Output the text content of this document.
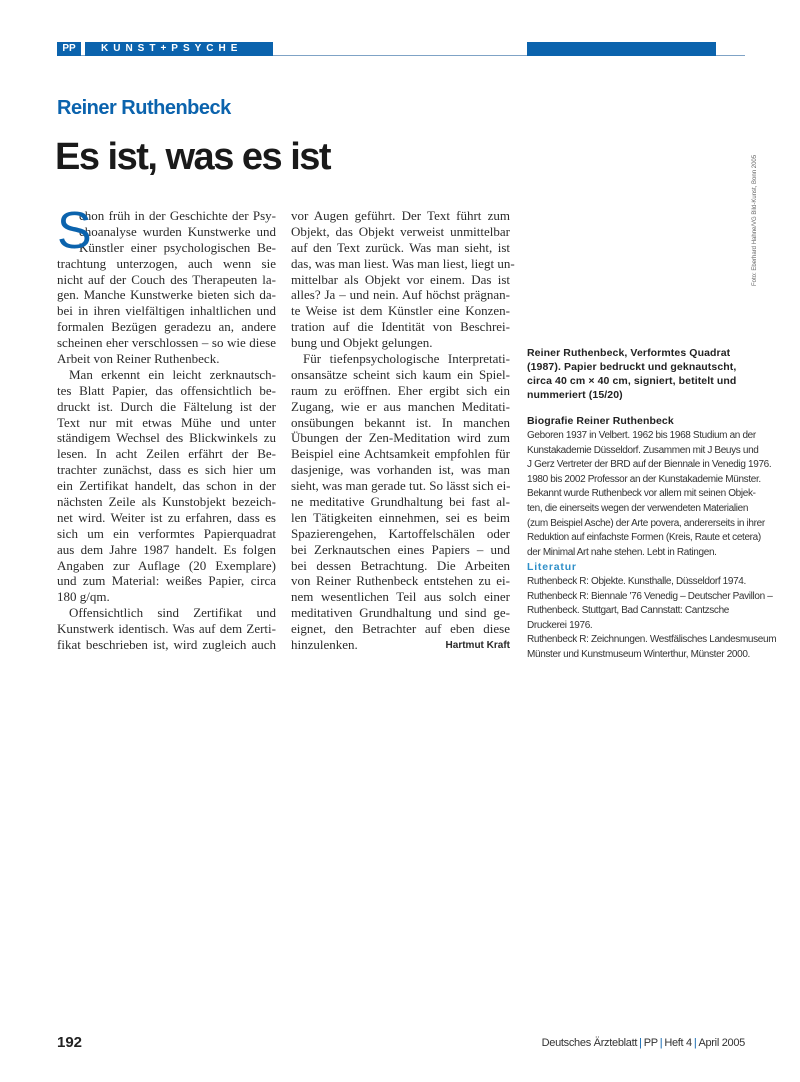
PP	KUNST+PSYCHE
Reiner Ruthenbeck
Es ist, was es ist
S
chon früh in der Geschichte der Psy-
choanalyse wurden Kunstwerke und
Künstler einer psychologischen Be-
trachtung unterzogen, auch wenn sie
nicht auf der Couch des Therapeuten la-
gen. Manche Kunstwerke bieten sich da-
bei in ihren vielfältigen inhaltlichen und
formalen Bezügen geradezu an, andere
scheinen eher verschlossen – so wie diese
Arbeit von Reiner Ruthenbeck.
Man erkennt ein leicht zerknautsch-
tes Blatt Papier, das offensichtlich be-
druckt ist. Durch die Fältelung ist der
Text nur mit etwas Mühe und unter
ständigem Wechsel des Blickwinkels zu
lesen. In acht Zeilen erfährt der Be-
trachter zunächst, dass es sich hier um
ein Zertifikat handelt, das schon in der
nächsten Zeile als Kunstobjekt bezeich-
net wird. Weiter ist zu erfahren, dass es
sich um ein verformtes Papierquadrat
aus dem Jahre 1987 handelt. Es folgen
Angaben zur Auflage (20 Exemplare)
und zum Material: weißes Papier, circa
180 g/qm.
Offensichtlich sind Zertifikat und
Kunstwerk identisch. Was auf dem Zerti-
fikat beschrieben ist, wird zugleich auch
vor Augen geführt. Der Text führt zum
Objekt, das Objekt verweist unmittelbar
auf den Text zurück. Was man sieht, ist
das, was man liest. Was man liest, liegt un-
mittelbar als Objekt vor einem. Das ist
alles? Ja – und nein. Auf höchst prägnan-
te Weise ist dem Künstler eine Konzen-
tration auf die Identität von Beschrei-
bung und Objekt gelungen.
Für tiefenpsychologische Interpretati-
onsansätze scheint sich kaum ein Spiel-
raum zu eröffnen. Eher ergibt sich ein
Zugang, wie er aus manchen Meditati-
onsübungen bekannt ist. In manchen
Übungen der Zen-Meditation wird zum
Beispiel eine Achtsamkeit empfohlen für
dasjenige, was vorhanden ist, was man
sieht, was man gerade tut. So lässt sich ei-
ne meditative Grundhaltung bei fast al-
len Tätigkeiten einnehmen, sei es beim
Spazierengehen, Kartoffelschälen oder
bei Zerknautschen eines Papiers – und
bei dessen Betrachtung. Die Arbeiten
von Reiner Ruthenbeck entstehen zu ei-
nem wesentlichen Teil aus solch einer
meditativen Grundhaltung und sind ge-
eignet, den Betrachter auf eben diese
hinzulenken.	Hartmut Kraft
Foto: Eberhard Hahne/VG Bild-Kunst, Bonn 2005
Reiner Ruthenbeck, Verformtes Quadrat
(1987). Papier bedruckt und geknautscht,
circa 40 cm × 40 cm, signiert, betitelt und
nummeriert (15/20)
Biografie Reiner Ruthenbeck
Geboren 1937 in Velbert. 1962 bis 1968 Studium an der
Kunstakademie Düsseldorf. Zusammen mit J Beuys und
J Gerz Vertreter der BRD auf der Biennale in Venedig 1976.
1980 bis 2002 Professor an der Kunstakademie Münster.
Bekannt wurde Ruthenbeck vor allem mit seinen Objek-
ten, die einerseits wegen der verwendeten Materialien
(zum Beispiel Asche) der Arte povera, andererseits in ihrer
Reduktion auf einfachste Formen (Kreis, Raute et cetera)
der Minimal Art nahe stehen. Lebt in Ratingen.
Literatur
Ruthenbeck R: Objekte. Kunsthalle, Düsseldorf 1974.
Ruthenbeck R: Biennale '76 Venedig – Deutscher Pavillon –
Ruthenbeck. Stuttgart, Bad Cannstatt: Cantzsche
Druckerei 1976.
Ruthenbeck R: Zeichnungen. Westfälisches Landesmuseum
Münster und Kunstmuseum Winterthur, Münster 2000.
192	Deutsches Ärzteblatt | PP | Heft 4 | April 2005
